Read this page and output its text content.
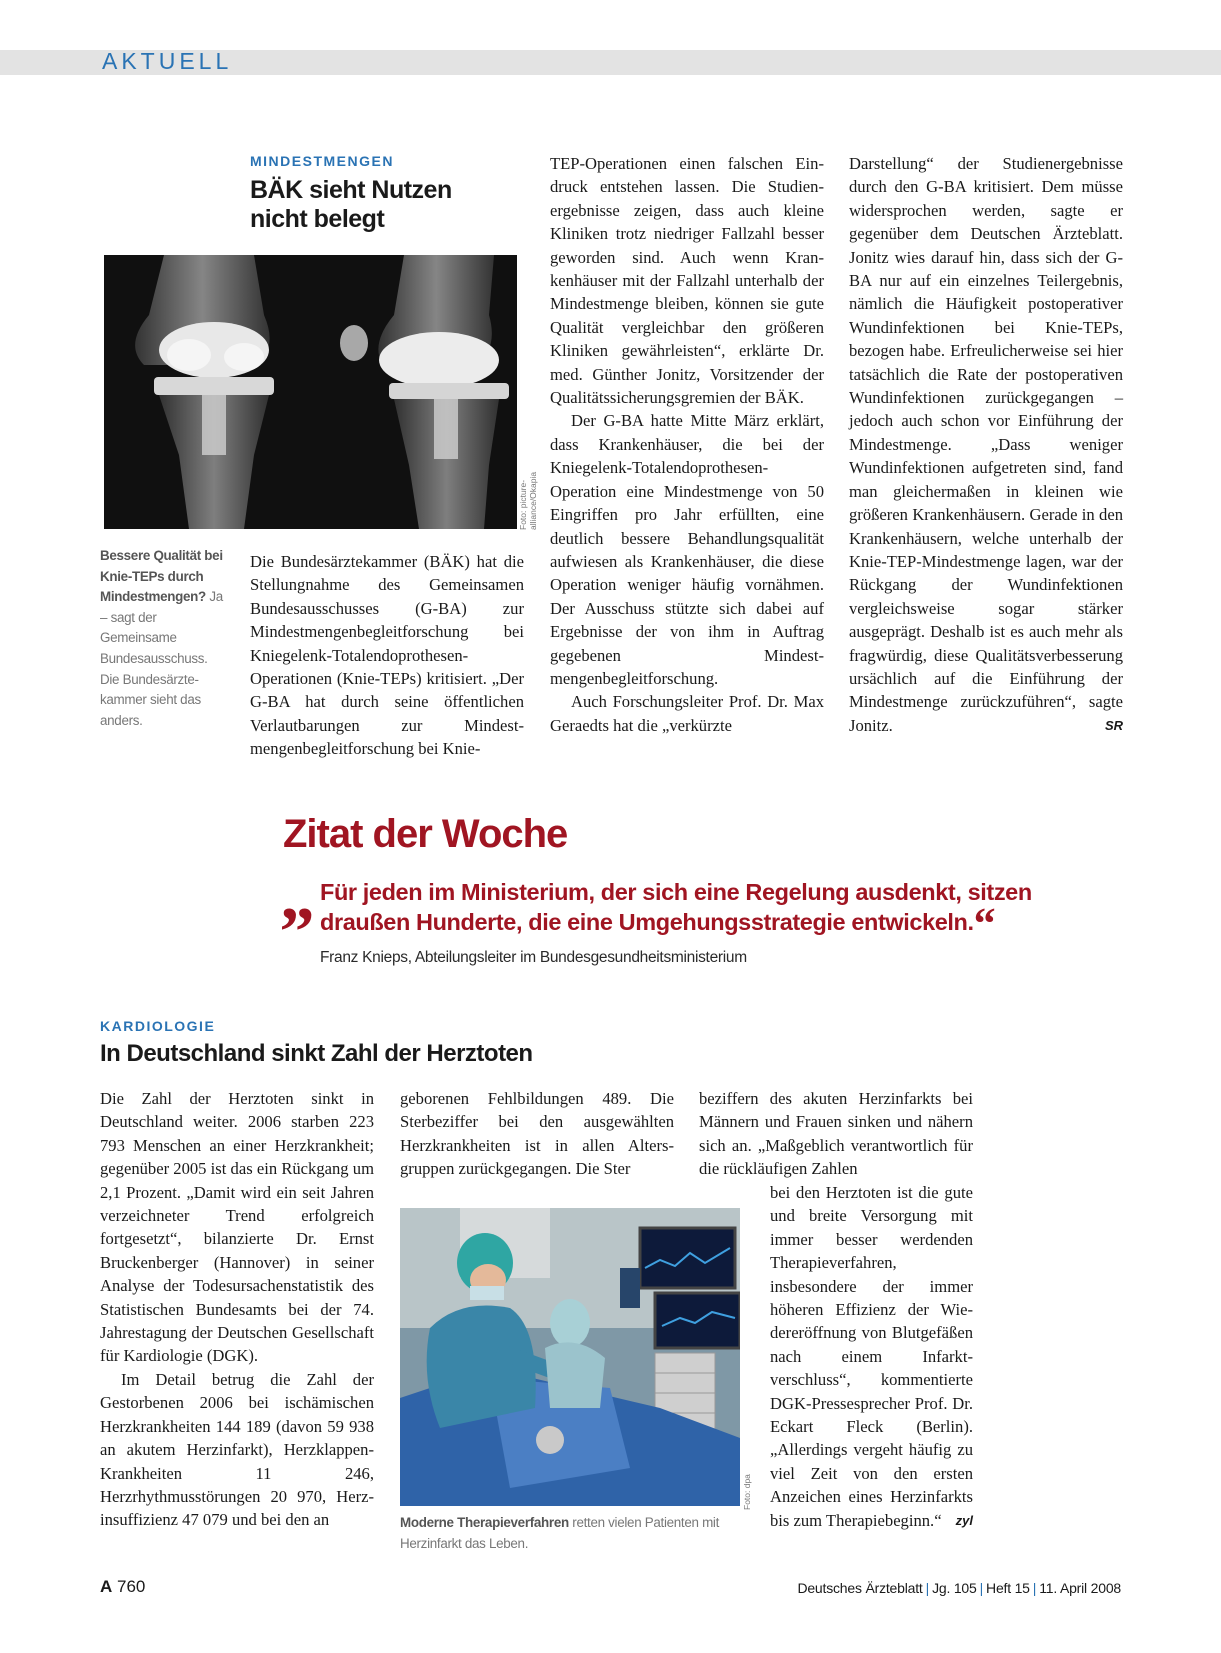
AKTUELL
MINDESTMENGEN
BÄK sieht Nutzen
nicht belegt
Foto: picture-alliance/Okapia
Bessere Qualität bei Knie-TEPs durch Mindestmengen? Ja – sagt der Gemeinsame Bundesausschuss. Die Bundesärztekammer sieht das anders.

Die Bundesärztekammer (BÄK) hat die Stellungnahme des Gemeinsamen Bundesausschusses (G-BA) zur Mindestmengenbegleitforschung bei Kniegelenk-Totalendoprothesen-Operationen (Knie-TEPs) kritisiert. „Der G-BA hat durch seine öffentlichen Verlautbarungen zur Mindestmengenbegleitforschung bei Knie-

TEP-Operationen einen falschen Eindruck entstehen lassen. Die Studienergebnisse zeigen, dass auch kleine Kliniken trotz niedriger Fallzahl besser geworden sind. Auch wenn Krankenhäuser mit der Fallzahl unterhalb der Mindestmenge bleiben, können sie gute Qualität vergleichbar den größeren Kliniken gewährleisten“, erklärte Dr. med. Günther Jonitz, Vorsitzender der Qualitätssicherungsgremien der BÄK.

Der G-BA hatte Mitte März erklärt, dass Krankenhäuser, die bei der Kniegelenk-Totalendoprothesen-Operation eine Mindestmenge von 50 Eingriffen pro Jahr erfüllten, eine deutlich bessere Behandlungsqualität aufwiesen als Krankenhäuser, die diese Operation weniger häufig vornähmen. Der Ausschuss stützte sich dabei auf Ergebnisse der von ihm in Auftrag gegebenen Mindestmengenbegleitforschung.

Auch Forschungsleiter Prof. Dr. Max Geraedts hat die „verkürzte

Darstellung“ der Studienergebnisse durch den G-BA kritisiert. Dem müsse widersprochen werden, sagte er gegenüber dem Deutschen Ärzteblatt. Jonitz wies darauf hin, dass sich der G-BA nur auf ein einzelnes Teilergebnis, nämlich die Häufigkeit postoperativer Wundinfektionen bei Knie-TEPs, bezogen habe. Erfreulicherweise sei hier tatsächlich die Rate der postoperativen Wundinfektionen zurückgegangen – jedoch auch schon vor Einführung der Mindestmenge. „Dass weniger Wundinfektionen aufgetreten sind, fand man gleichermaßen in kleinen wie größeren Krankenhäusern. Gerade in den Krankenhäusern, welche unterhalb der Knie-TEP-Mindestmenge lagen, war der Rückgang der Wundinfektionen vergleichsweise sogar stärker ausgeprägt. Deshalb ist es auch mehr als fragwürdig, diese Qualitätsverbesserung ursächlich auf die Einführung der Mindestmenge zurückzuführen“, sagte Jonitz.	SR

Zitat der Woche
„ Für jeden im Ministerium, der sich eine Regelung ausdenkt, sitzen draußen Hunderte, die eine Umgehungsstrategie entwickeln.“
Franz Knieps, Abteilungsleiter im Bundesgesundheitsministerium
KARDIOLOGIE
In Deutschland sinkt Zahl der Herztoten

Die Zahl der Herztoten sinkt in Deutschland weiter. 2006 starben 223 793 Menschen an einer Herzkrankheit; gegenüber 2005 ist das ein Rückgang um 2,1 Prozent. „Damit wird ein seit Jahren verzeichneter Trend erfolgreich fortgesetzt“, bilanzierte Dr. Ernst Bruckenberger (Hannover) in seiner Analyse der Todesursachenstatistik des Statistischen Bundesamts bei der 74. Jahrestagung der Deutschen Gesellschaft für Kardiologie (DGK).

Im Detail betrug die Zahl der Gestorbenen 2006 bei ischämischen Herzkrankheiten 144 189 (davon 59 938 an akutem Herzinfarkt), Herzklappen-Krankheiten 11 246, Herzrhythmusstörungen 20 970, Herzinsuffizienz 47 079 und bei den an

geborenen Fehlbildungen 489. Die Sterbeziffer bei den ausgewählten Herzkrankheiten ist in allen Altersgruppen zurückgegangen. Die Ster

Foto: dpa
Moderne Therapieverfahren retten vielen Patienten mit Herzinfarkt das Leben.

beziffern des akuten Herzinfarkts bei Männern und Frauen sinken und nähern sich an. „Maßgeblich verantwortlich für die rückläufigen Zahlen

bei den Herztoten ist die gute und breite Versorgung mit immer besser werdenden Therapieverfahren, insbesondere der immer höheren Effizienz der Wiedereröffnung von Blutgefäßen nach einem Infarktverschluss“, kommentierte DGK-Pressesprecher Prof. Dr. Eckart Fleck (Berlin). „Allerdings vergeht häufig zu viel Zeit von den ersten Anzeichen eines Herzinfarkts bis zum Therapiebeginn.“ zyl

A 760	Deutsches Ärzteblatt | Jg. 105 | Heft 15 | 11. April 2008
